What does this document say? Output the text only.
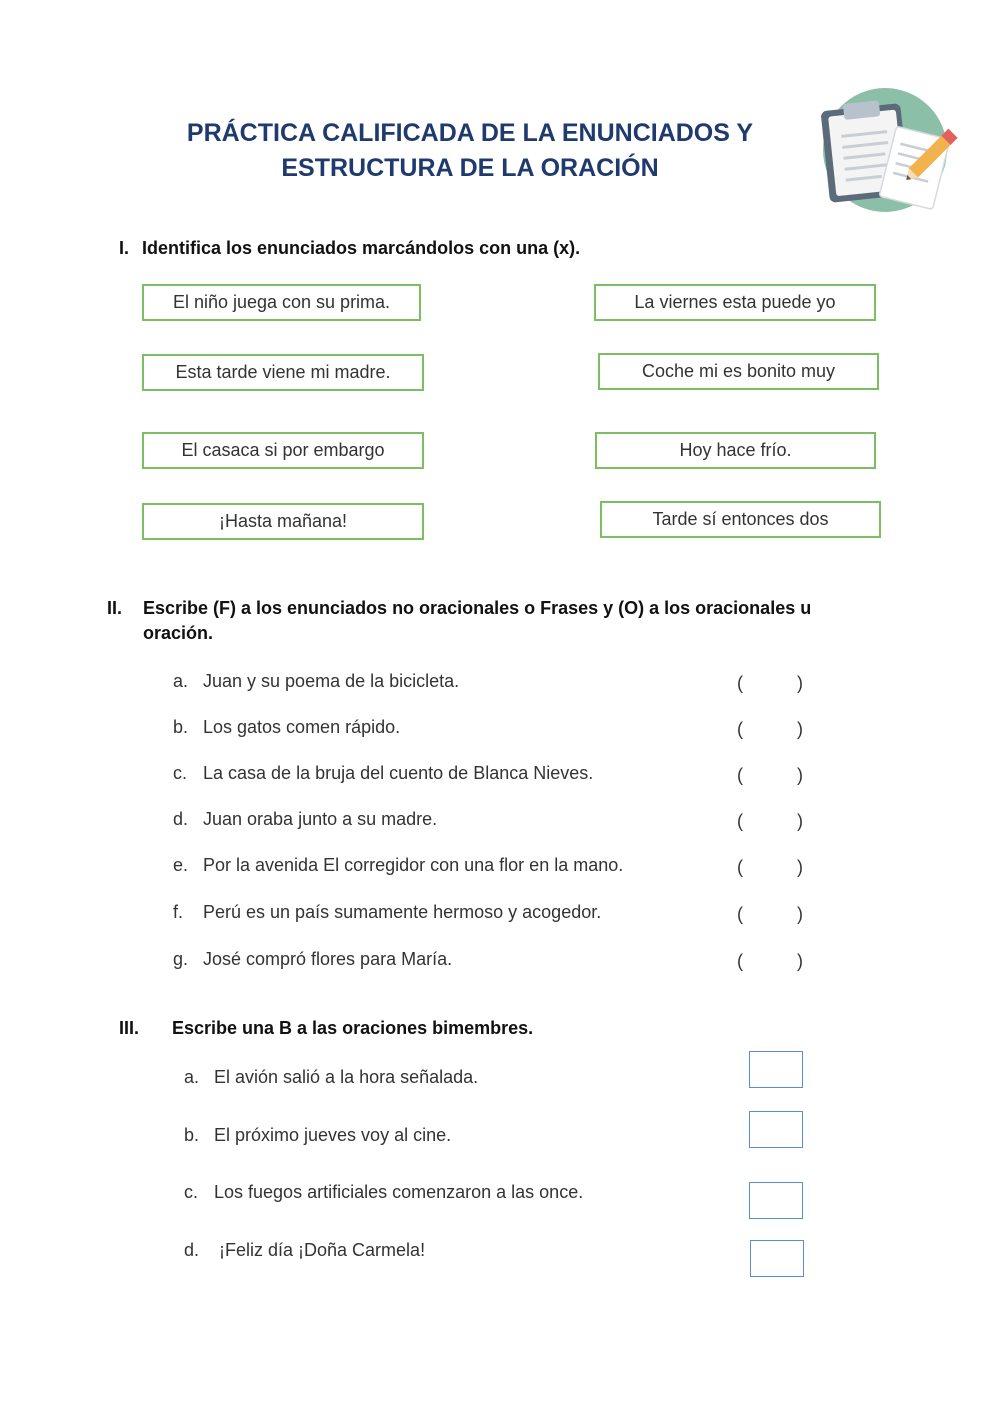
PRÁCTICA CALIFICADA DE LA ENUNCIADOS Y
ESTRUCTURA DE LA ORACIÓN
I. Identifica los enunciados marcándolos con una (x).
El niño juega con su prima.	La viernes esta puede yo
Esta tarde viene mi madre.	Coche mi es bonito muy
El casaca si por embargo	Hoy hace frío.
¡Hasta mañana!	Tarde sí entonces dos
II. Escribe (F) a los enunciados no oracionales o Frases y (O) a los oracionales u
oración.
a. Juan y su poema de la bicicleta.	(	)
b. Los gatos comen rápido.	(	)
c. La casa de la bruja del cuento de Blanca Nieves.	(	)
d. Juan oraba junto a su madre.	(	)
e. Por la avenida El corregidor con una flor en la mano.	(	)
f. Perú es un país sumamente hermoso y acogedor.	(	)
g. José compró flores para María.	(	)
III. Escribe una B a las oraciones bimembres.
a. El avión salió a la hora señalada.
b. El próximo jueves voy al cine.
c. Los fuegos artificiales comenzaron a las once.
d. ¡Feliz día ¡Doña Carmela!
